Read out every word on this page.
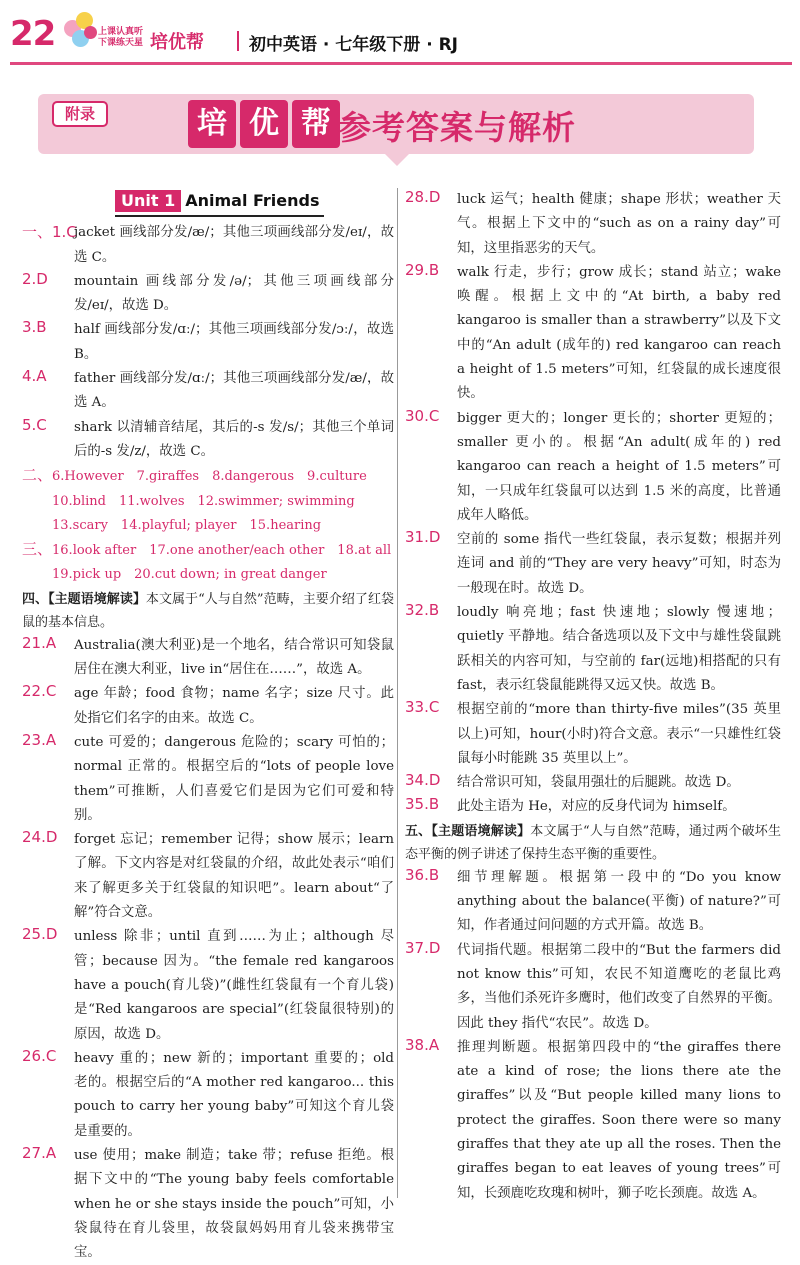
22	上课认真听
下课练天星 培优帮	初中英语 · 七年级下册 · RJ
附录	培 优 帮 参考答案与解析
Unit 1 Animal Friends
一、1.C
jacket 画线部分发/æ/；其他三项画线部分发/eɪ/，故选 C。
2.D	mountain 画线部分发/ə/；其他三项画线部分发/eɪ/，故选 D。
3.B	half 画线部分发/ɑː/；其他三项画线部分发/ɔː/，故选 B。
4.A	father 画线部分发/ɑː/；其他三项画线部分发/æ/，故选 A。
5.C	shark 以清辅音结尾，其后的-s 发/s/；其他三个单词后的-s 发/z/，故选 C。
二、6.However　7.giraffes　8.dangerous　9.culture
10.blind　11.wolves　12.swimmer; swimming
13.scary　14.playful; player　15.hearing
三、16.look after　17.one another/each other　18.at all
19.pick up　20.cut down; in great danger
四、【主题语境解读】本文属于“人与自然”范畴，主要介绍了红袋鼠的基本信息。
21.A	Australia(澳大利亚)是一个地名，结合常识可知袋鼠居住在澳大利亚，live in“居住在……”，故选 A。
22.C	age 年龄；food 食物；name 名字；size 尺寸。此处指它们名字的由来。故选 C。
23.A	cute 可爱的；dangerous 危险的；scary 可怕的；normal 正常的。根据空后的“lots of people love them”可推断，人们喜爱它们是因为它们可爱和特别。
24.D	forget 忘记；remember 记得；show 展示；learn 了解。下文内容是对红袋鼠的介绍，故此处表示“咱们来了解更多关于红袋鼠的知识吧”。learn about“了解”符合文意。
25.D	unless 除非；until 直到……为止；although 尽管；because 因为。“the female red kangaroos have a pouch(育儿袋)”(雌性红袋鼠有一个育儿袋)是“Red kangaroos are special”(红袋鼠很特别)的原因，故选 D。
26.C	heavy 重的；new 新的；important 重要的；old 老的。根据空后的“A mother red kangaroo... this pouch to carry her young baby”可知这个育儿袋是重要的。
27.A	use 使用；make 制造；take 带；refuse 拒绝。根据下文中的“The young baby feels comfortable when he or she stays inside the pouch”可知，小袋鼠待在育儿袋里，故袋鼠妈妈用育儿袋来携带宝宝。
28.D	luck 运气；health 健康；shape 形状；weather 天气。根据上下文中的“such as on a rainy day”可知，这里指恶劣的天气。
29.B	walk 行走，步行；grow 成长；stand 站立；wake 唤醒。根据上文中的“At birth, a baby red kangaroo is smaller than a strawberry”以及下文中的“An adult (成年的) red kangaroo can reach a height of 1.5 meters”可知，红袋鼠的成长速度很快。
30.C	bigger 更大的；longer 更长的；shorter 更短的；smaller 更小的。根据“An adult(成年的) red kangaroo can reach a height of 1.5 meters”可知，一只成年红袋鼠可以达到 1.5 米的高度，比普通成年人略低。
31.D	空前的 some 指代一些红袋鼠，表示复数；根据并列连词 and 前的“They are very heavy”可知，时态为一般现在时。故选 D。
32.B	loudly 响亮地；fast 快速地；slowly 慢速地；quietly 平静地。结合备选项以及下文中与雄性袋鼠跳跃相关的内容可知，与空前的 far(远地)相搭配的只有 fast，表示红袋鼠能跳得又远又快。故选 B。
33.C	根据空前的“more than thirty-five miles”(35 英里以上)可知，hour(小时)符合文意。表示“一只雄性红袋鼠每小时能跳 35 英里以上”。
34.D	结合常识可知，袋鼠用强壮的后腿跳。故选 D。
35.B	此处主语为 He，对应的反身代词为 himself。
五、【主题语境解读】本文属于“人与自然”范畴，通过两个破坏生态平衡的例子讲述了保持生态平衡的重要性。
36.B	细节理解题。根据第一段中的“Do you know anything about the balance(平衡) of nature?”可知，作者通过问问题的方式开篇。故选 B。
37.D	代词指代题。根据第二段中的“But the farmers did not know this”可知，农民不知道鹰吃的老鼠比鸡多，当他们杀死许多鹰时，他们改变了自然界的平衡。因此 they 指代“农民”。故选 D。
38.A	推理判断题。根据第四段中的“the giraffes there ate a kind of rose; the lions there ate the giraffes”以及“But people killed many lions to protect the giraffes. Soon there were so many giraffes that they ate up all the roses. Then the giraffes began to eat leaves of young trees”可知，长颈鹿吃玫瑰和树叶，狮子吃长颈鹿。故选 A。
